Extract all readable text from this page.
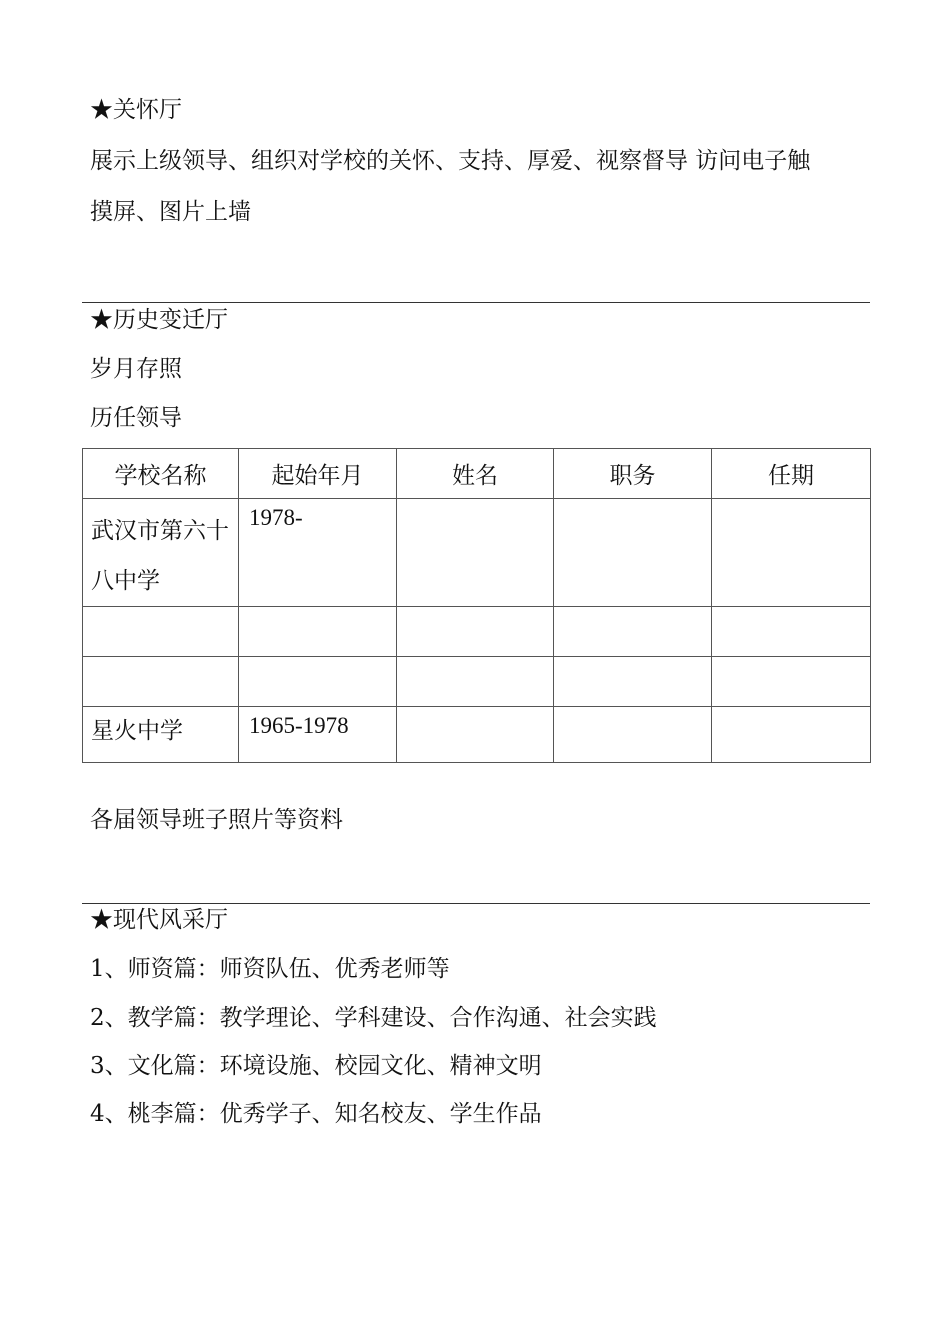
★关怀厅
展示上级领导、组织对学校的关怀、支持、厚爱、视察督导 访问电子触
摸屏、图片上墙
★历史变迁厅
岁月存照
历任领导
学校名称	起始年月	姓名	职务	任期
武汉市第六十八中学	1978-			

星火中学	1965-1978			
各届领导班子照片等资料
★现代风采厅
1、师资篇：师资队伍、优秀老师等
2、教学篇：教学理论、学科建设、合作沟通、社会实践
3、文化篇：环境设施、校园文化、精神文明
4、桃李篇：优秀学子、知名校友、学生作品
